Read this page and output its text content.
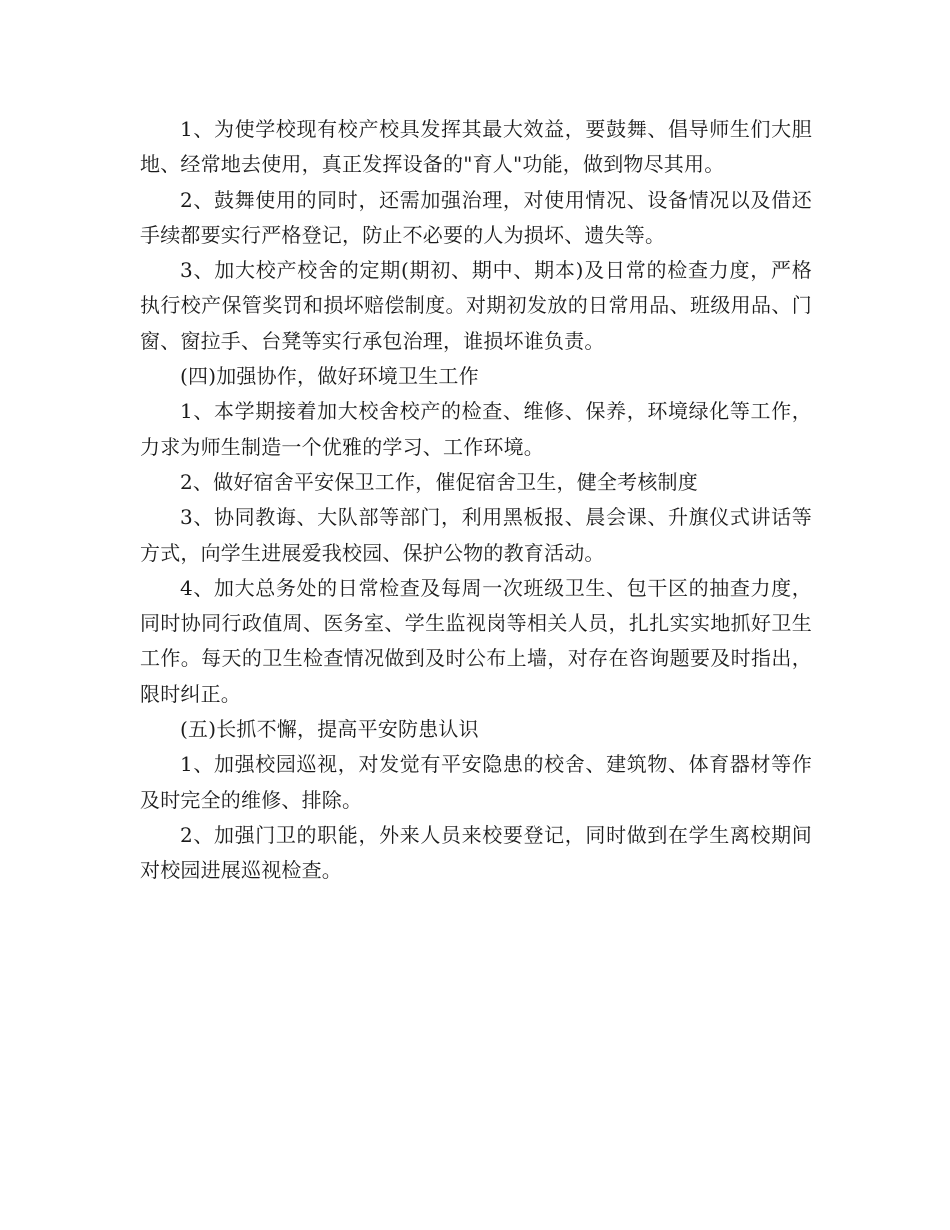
1、为使学校现有校产校具发挥其最大效益，要鼓舞、倡导师生们大胆地、经常地去使用，真正发挥设备的"育人"功能，做到物尽其用。

2、鼓舞使用的同时，还需加强治理，对使用情况、设备情况以及借还手续都要实行严格登记，防止不必要的人为损坏、遗失等。

3、加大校产校舍的定期(期初、期中、期本)及日常的检查力度，严格执行校产保管奖罚和损坏赔偿制度。对期初发放的日常用品、班级用品、门窗、窗拉手、台凳等实行承包治理，谁损坏谁负责。

(四)加强协作，做好环境卫生工作

1、本学期接着加大校舍校产的检查、维修、保养，环境绿化等工作，力求为师生制造一个优雅的学习、工作环境。

2、做好宿舍平安保卫工作，催促宿舍卫生，健全考核制度

3、协同教诲、大队部等部门，利用黑板报、晨会课、升旗仪式讲话等方式，向学生进展爱我校园、保护公物的教育活动。

4、加大总务处的日常检查及每周一次班级卫生、包干区的抽查力度，同时协同行政值周、医务室、学生监视岗等相关人员，扎扎实实地抓好卫生工作。每天的卫生检查情况做到及时公布上墙，对存在咨询题要及时指出，限时纠正。

(五)长抓不懈，提高平安防患认识

1、加强校园巡视，对发觉有平安隐患的校舍、建筑物、体育器材等作及时完全的维修、排除。

2、加强门卫的职能，外来人员来校要登记，同时做到在学生离校期间对校园进展巡视检查。
